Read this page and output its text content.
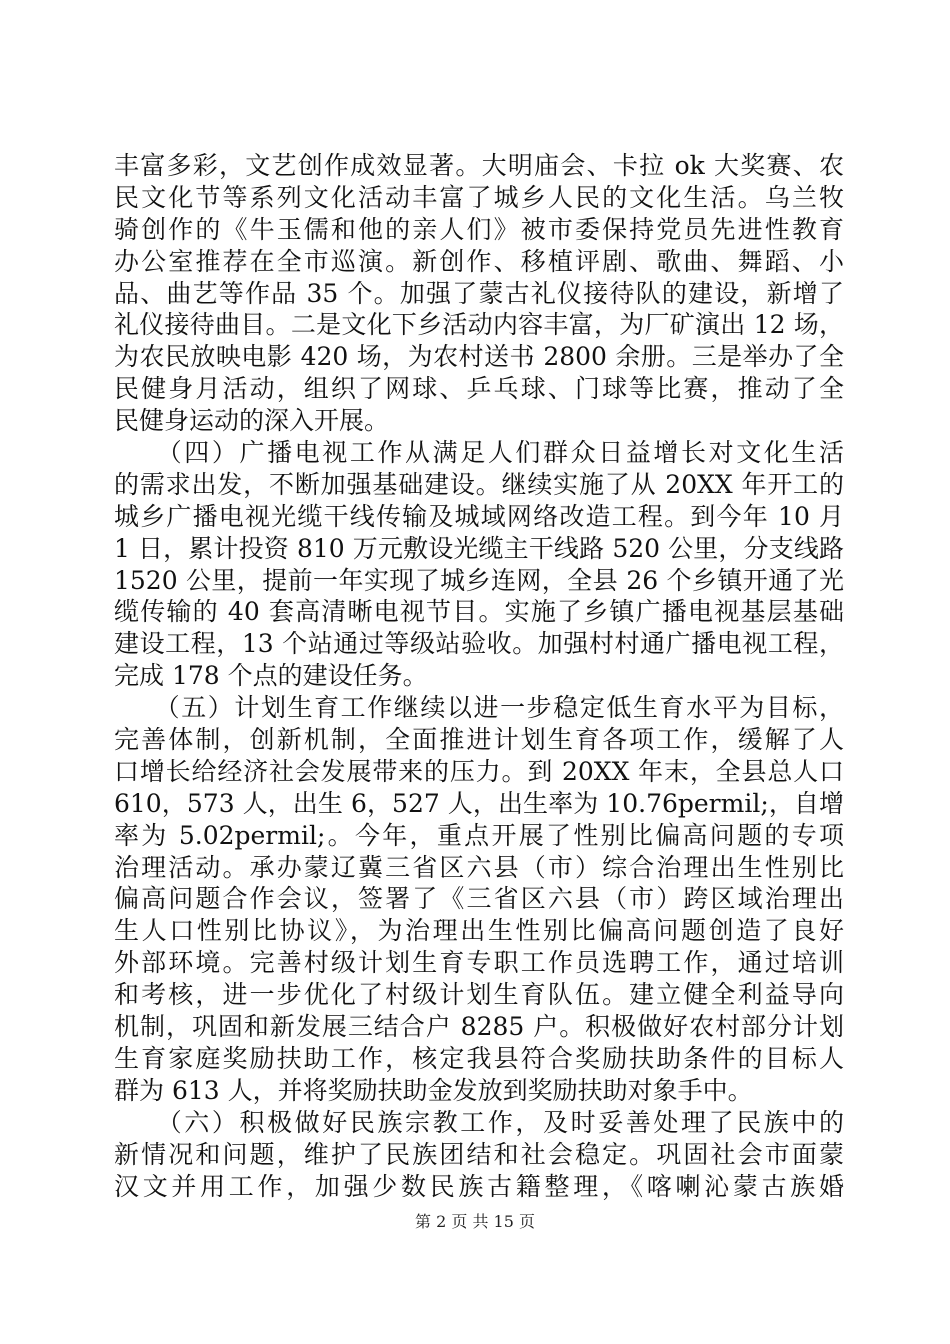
丰富多彩，文艺创作成效显著。大明庙会、卡拉 ok 大奖赛、农
民文化节等系列文化活动丰富了城乡人民的文化生活。乌兰牧
骑创作的《牛玉儒和他的亲人们》被市委保持党员先进性教育
办公室推荐在全市巡演。新创作、移植评剧、歌曲、舞蹈、小
品、曲艺等作品 35 个。加强了蒙古礼仪接待队的建设，新增了
礼仪接待曲目。二是文化下乡活动内容丰富，为厂矿演出 12 场，
为农民放映电影 420 场，为农村送书 2800 余册。三是举办了全
民健身月活动，组织了网球、乒乓球、门球等比赛，推动了全
民健身运动的深入开展。
　　（四）广播电视工作从满足人们群众日益增长对文化生活
的需求出发，不断加强基础建设。继续实施了从 20XX 年开工的
城乡广播电视光缆干线传输及城域网络改造工程。到今年 10 月
1 日，累计投资 810 万元敷设光缆主干线路 520 公里，分支线路
1520 公里，提前一年实现了城乡连网，全县 26 个乡镇开通了光
缆传输的 40 套高清晰电视节目。实施了乡镇广播电视基层基础
建设工程，13 个站通过等级站验收。加强村村通广播电视工程，
完成 178 个点的建设任务。
　　（五）计划生育工作继续以进一步稳定低生育水平为目标，
完善体制，创新机制，全面推进计划生育各项工作，缓解了人
口增长给经济社会发展带来的压力。到 20XX 年末，全县总人口
610，573 人，出生 6，527 人，出生率为 10.76permil;，自增
率为 5.02permil;。今年，重点开展了性别比偏高问题的专项
治理活动。承办蒙辽冀三省区六县（市）综合治理出生性别比
偏高问题合作会议，签署了《三省区六县（市）跨区域治理出
生人口性别比协议》，为治理出生性别比偏高问题创造了良好
外部环境。完善村级计划生育专职工作员选聘工作，通过培训
和考核，进一步优化了村级计划生育队伍。建立健全利益导向
机制，巩固和新发展三结合户 8285 户。积极做好农村部分计划
生育家庭奖励扶助工作，核定我县符合奖励扶助条件的目标人
群为 613 人，并将奖励扶助金发放到奖励扶助对象手中。
　　（六）积极做好民族宗教工作，及时妥善处理了民族中的
新情况和问题，维护了民族团结和社会稳定。巩固社会市面蒙
汉文并用工作，加强少数民族古籍整理，《喀喇沁蒙古族婚
第 2 页 共 15 页
